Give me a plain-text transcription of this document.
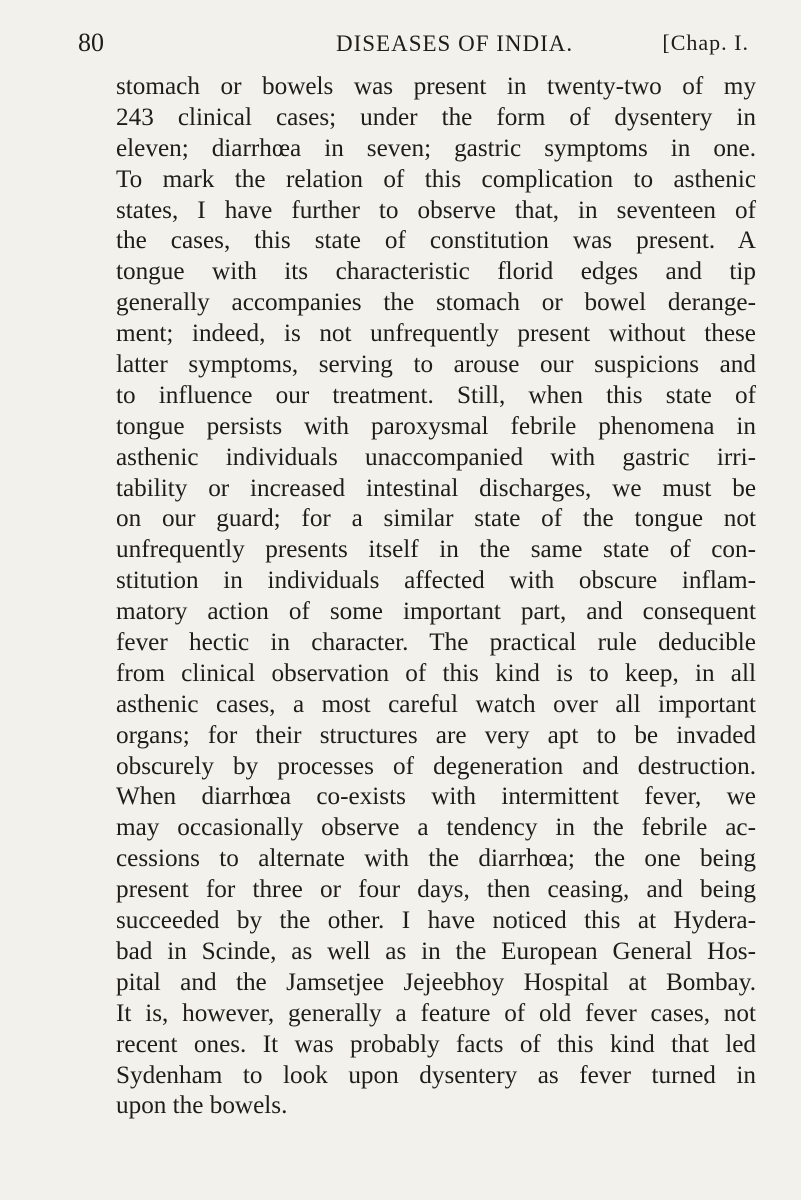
80	DISEASES OF INDIA.	[Chap. I.
stomach or bowels was present in twenty-two of my
243 clinical cases; under the form of dysentery in
eleven; diarrhœa in seven; gastric symptoms in one.
To mark the relation of this complication to asthenic
states, I have further to observe that, in seventeen of
the cases, this state of constitution was present. A
tongue with its characteristic florid edges and tip
generally accompanies the stomach or bowel derange-
ment; indeed, is not unfrequently present without these
latter symptoms, serving to arouse our suspicions and
to influence our treatment. Still, when this state of
tongue persists with paroxysmal febrile phenomena in
asthenic individuals unaccompanied with gastric irri-
tability or increased intestinal discharges, we must be
on our guard; for a similar state of the tongue not
unfrequently presents itself in the same state of con-
stitution in individuals affected with obscure inflam-
matory action of some important part, and consequent
fever hectic in character. The practical rule deducible
from clinical observation of this kind is to keep, in all
asthenic cases, a most careful watch over all important
organs; for their structures are very apt to be invaded
obscurely by processes of degeneration and destruction.
When diarrhœa co-exists with intermittent fever, we
may occasionally observe a tendency in the febrile ac-
cessions to alternate with the diarrhœa; the one being
present for three or four days, then ceasing, and being
succeeded by the other. I have noticed this at Hydera-
bad in Scinde, as well as in the European General Hos-
pital and the Jamsetjee Jejeebhoy Hospital at Bombay.
It is, however, generally a feature of old fever cases, not
recent ones. It was probably facts of this kind that led
Sydenham to look upon dysentery as fever turned in
upon the bowels.
